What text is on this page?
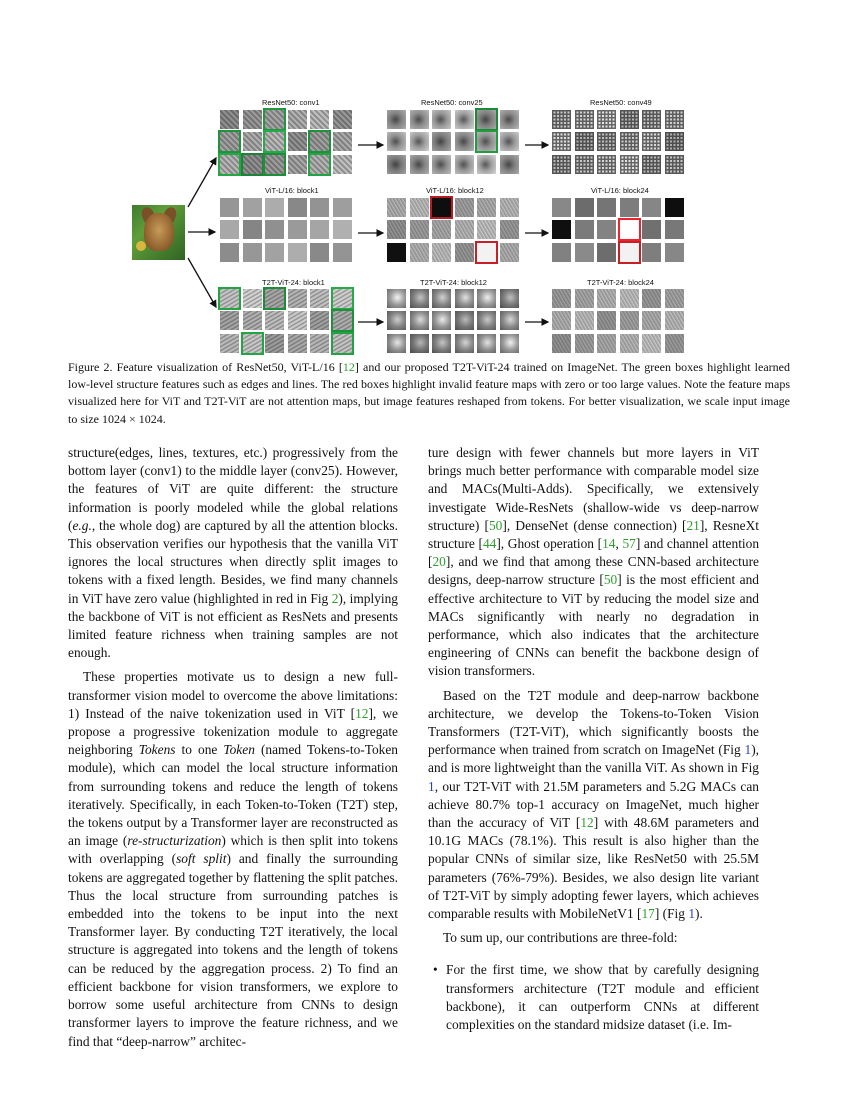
ResNet50: conv1	ResNet50: conv25	ResNet50: conv49
ViT-L/16: block1	ViT-L/16: block12	ViT-L/16: block24
T2T-ViT-24: block1	T2T-ViT-24: block12	T2T-ViT-24: block24
Figure 2. Feature visualization of ResNet50, ViT-L/16 [12] and our proposed T2T-ViT-24 trained on ImageNet. The green boxes highlight learned low-level structure features such as edges and lines. The red boxes highlight invalid feature maps with zero or too large values. Note the feature maps visualized here for ViT and T2T-ViT are not attention maps, but image features reshaped from tokens. For better visualization, we scale input image to size 1024 × 1024.

structure(edges, lines, textures, etc.) progressively from the bottom layer (conv1) to the middle layer (conv25). However, the features of ViT are quite different: the structure information is poorly modeled while the global relations (e.g., the whole dog) are captured by all the attention blocks. This observation verifies our hypothesis that the vanilla ViT ignores the local structures when directly split images to tokens with a fixed length. Besides, we find many channels in ViT have zero value (highlighted in red in Fig 2), implying the backbone of ViT is not efficient as ResNets and presents limited feature richness when training samples are not enough.

These properties motivate us to design a new full-transformer vision model to overcome the above limitations: 1) Instead of the naive tokenization used in ViT [12], we propose a progressive tokenization module to aggregate neighboring Tokens to one Token (named Tokens-to-Token module), which can model the local structure information from surrounding tokens and reduce the length of tokens iteratively. Specifically, in each Token-to-Token (T2T) step, the tokens output by a Transformer layer are reconstructed as an image (re-structurization) which is then split into tokens with overlapping (soft split) and finally the surrounding tokens are aggregated together by flattening the split patches. Thus the local structure from surrounding patches is embedded into the tokens to be input into the next Transformer layer. By conducting T2T iteratively, the local structure is aggregated into tokens and the length of tokens can be reduced by the aggregation process. 2) To find an efficient backbone for vision transformers, we explore to borrow some useful architecture from CNNs to design transformer layers to improve the feature richness, and we find that “deep-narrow” architec-

ture design with fewer channels but more layers in ViT brings much better performance with comparable model size and MACs(Multi-Adds). Specifically, we extensively investigate Wide-ResNets (shallow-wide vs deep-narrow structure) [50], DenseNet (dense connection) [21], ResneXt structure [44], Ghost operation [14, 57] and channel attention [20], and we find that among these CNN-based architecture designs, deep-narrow structure [50] is the most efficient and effective architecture to ViT by reducing the model size and MACs significantly with nearly no degradation in performance, which also indicates that the architecture engineering of CNNs can benefit the backbone design of vision transformers.

Based on the T2T module and deep-narrow backbone architecture, we develop the Tokens-to-Token Vision Transformers (T2T-ViT), which significantly boosts the performance when trained from scratch on ImageNet (Fig 1), and is more lightweight than the vanilla ViT. As shown in Fig 1, our T2T-ViT with 21.5M parameters and 5.2G MACs can achieve 80.7% top-1 accuracy on ImageNet, much higher than the accuracy of ViT [12] with 48.6M parameters and 10.1G MACs (78.1%). This result is also higher than the popular CNNs of similar size, like ResNet50 with 25.5M parameters (76%-79%). Besides, we also design lite variant of T2T-ViT by simply adopting fewer layers, which achieves comparable results with MobileNetV1 [17] (Fig 1).

To sum up, our contributions are three-fold:

• For the first time, we show that by carefully designing transformers architecture (T2T module and efficient backbone), it can outperform CNNs at different complexities on the standard midsize dataset (i.e. Im-
